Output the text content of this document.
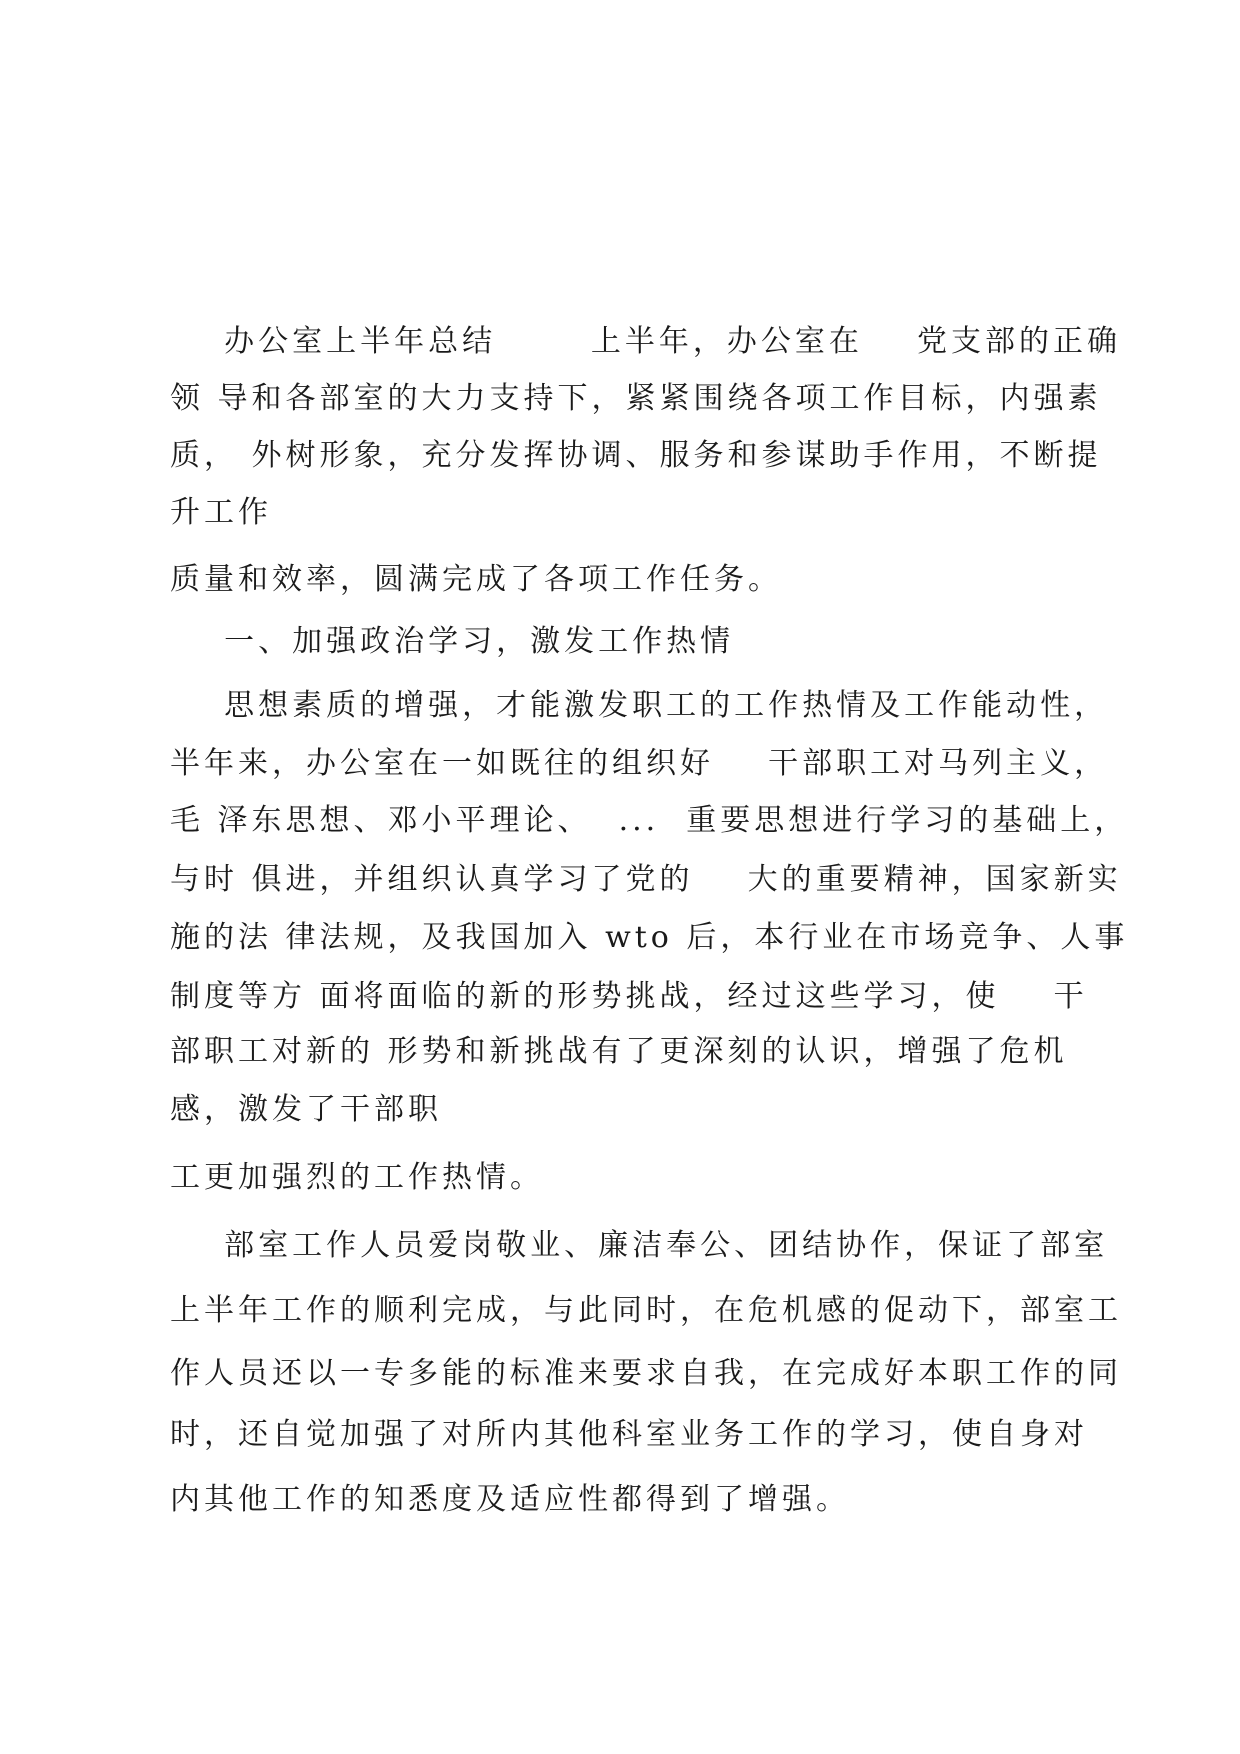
办公室上半年总结       上半年，办公室在    党支部的正确

领 导和各部室的大力支持下，紧紧围绕各项工作目标，内强素

质， 外树形象，充分发挥协调、服务和参谋助手作用，不断提

升工作

质量和效率，圆满完成了各项工作任务。

一、加强政治学习，激发工作热情

思想素质的增强，才能激发职工的工作热情及工作能动性，

半年来，办公室在一如既往的组织好    干部职工对马列主义，

毛 泽东思想、邓小平理论、  ...  重要思想进行学习的基础上，

与时 俱进，并组织认真学习了党的    大的重要精神，国家新实

施的法 律法规，及我国加入 wto 后，本行业在市场竞争、人事

制度等方 面将面临的新的形势挑战，经过这些学习，使    干

部职工对新的 形势和新挑战有了更深刻的认识，增强了危机

感，激发了干部职

工更加强烈的工作热情。

部室工作人员爱岗敬业、廉洁奉公、团结协作，保证了部室

上半年工作的顺利完成，与此同时，在危机感的促动下，部室工

作人员还以一专多能的标准来要求自我，在完成好本职工作的同

时，还自觉加强了对所内其他科室业务工作的学习，使自身对

内其他工作的知悉度及适应性都得到了增强。
